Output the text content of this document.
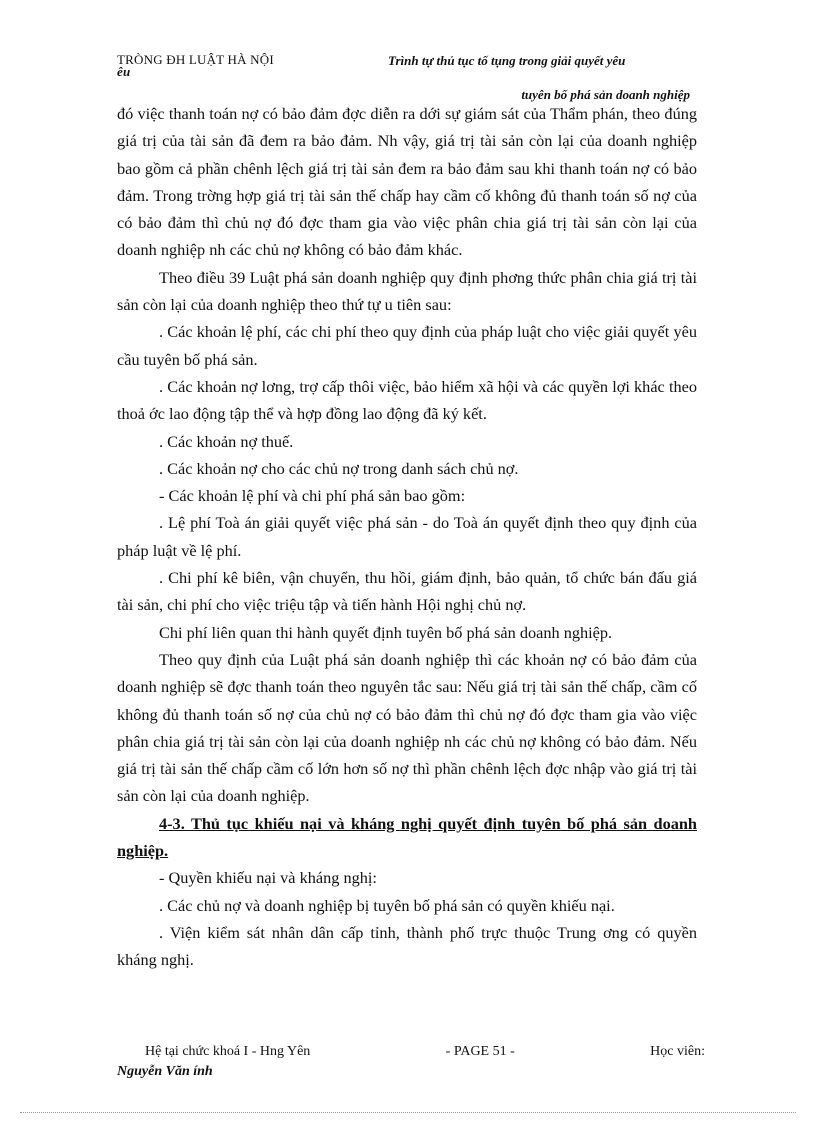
TRÒNG ĐH LUẬT HÀ NỘI
êu
Trình tự thủ tục tố tụng trong giải quyết yêu
tuyên bố phá sản doanh nghiệp

đó việc thanh toán nợ có bảo đảm đợc diễn ra dới sự giám sát của Thẩm phán, theo đúng giá trị của tài sản đã đem ra bảo đảm. Nh vậy, giá trị tài sản còn lại của doanh nghiệp bao gồm cả phần chênh lệch giá trị tài sản đem ra bảo đảm sau khi thanh toán nợ có bảo đảm. Trong trờng hợp giá trị tài sản thế chấp hay cầm cố không đủ thanh toán số nợ của có bảo đảm thì chủ nợ đó đợc tham gia vào việc phân chia giá trị tài sản còn lại của doanh nghiệp nh các chủ nợ không có bảo đảm khác.

Theo điều 39 Luật phá sản doanh nghiệp quy định phơng thức phân chia giá trị tài sản còn lại của doanh nghiệp theo thứ tự u tiên sau:

. Các khoản lệ phí, các chi phí theo quy định của pháp luật cho việc giải quyết yêu cầu tuyên bố phá sản.

. Các khoản nợ lơng, trợ cấp thôi việc, bảo hiểm xã hội và các quyền lợi khác theo thoả ớc lao động tập thể và hợp đồng lao động đã ký kết.

. Các khoản nợ thuế.

. Các khoản nợ cho các chủ nợ trong danh sách chủ nợ.

- Các khoản lệ phí và chi phí phá sản bao gồm:

. Lệ phí Toà án giải quyết việc phá sản - do Toà án quyết định theo quy định của pháp luật về lệ phí.

. Chi phí kê biên, vận chuyển, thu hồi, giám định, bảo quản, tổ chức bán đấu giá tài sản, chi phí cho việc triệu tập và tiến hành Hội nghị chủ nợ.

Chi phí liên quan thi hành quyết định tuyên bố phá sản doanh nghiệp.

Theo quy định của Luật phá sản doanh nghiệp thì các khoản nợ có bảo đảm của doanh nghiệp sẽ đợc thanh toán theo nguyên tắc sau: Nếu giá trị tài sản thế chấp, cầm cố không đủ thanh toán số nợ của chủ nợ có bảo đảm thì chủ nợ đó đợc tham gia vào việc phân chia giá trị tài sản còn lại của doanh nghiệp nh các chủ nợ không có bảo đảm. Nếu giá trị tài sản thế chấp cầm cố lớn hơn số nợ thì phần chênh lệch đợc nhập vào giá trị tài sản còn lại của doanh nghiệp.

4-3. Thủ tục khiếu nại và kháng nghị quyết định tuyên bố phá sản doanh nghiệp.

- Quyền khiếu nại và kháng nghị:

. Các chủ nợ và doanh nghiệp bị tuyên bố phá sản có quyền khiếu nại.

. Viện kiểm sát nhân dân cấp tỉnh, thành phố trực thuộc Trung ơng có quyền kháng nghị.

Hệ tại chức khoá I - Hng Yên	- PAGE 51 -	Học viên:
Nguyễn Văn ính
